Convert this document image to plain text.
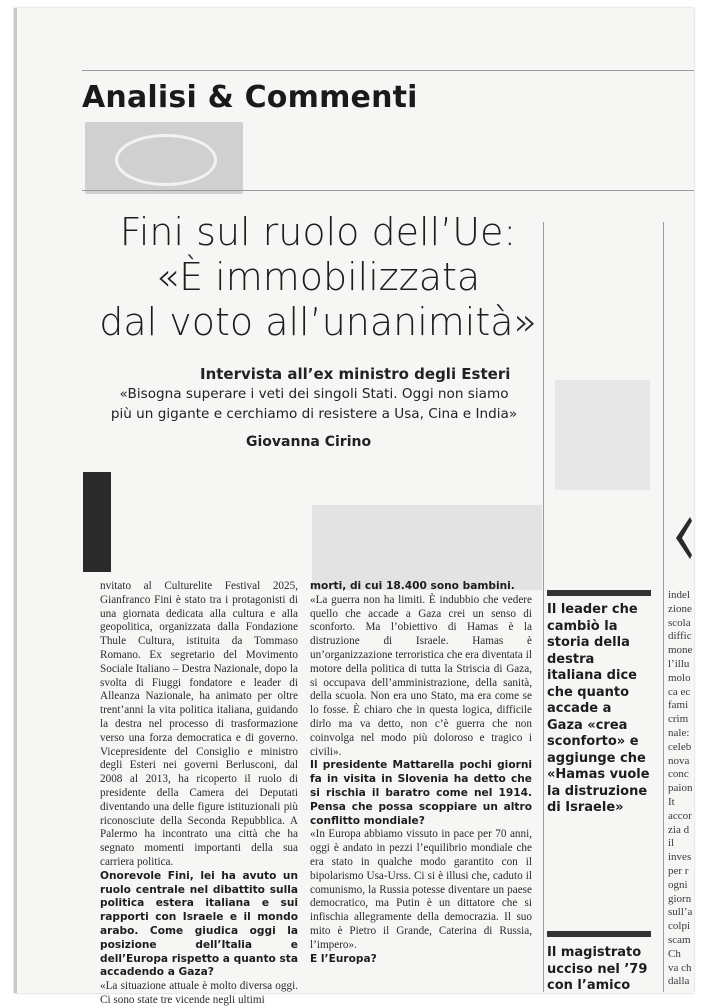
Analisi & Commenti
Fini sul ruolo dell’Ue:
«È immobilizzata
dal voto all’unanimità»
Intervista all’ex ministro degli Esteri
«Bisogna superare i veti dei singoli Stati. Oggi non siamo
più un gigante e cerchiamo di resistere a Usa, Cina e India»
Giovanna Cirino

nvitato al Culturelite Festival 2025, Gianfranco Fini è stato tra i protagonisti di una giornata dedicata alla cultura e alla geopolitica, organizzata dalla Fondazione Thule Cultura, istituita da Tommaso Romano. Ex segretario del Movimento Sociale Italiano – Destra Nazionale, dopo la svolta di Fiuggi fondatore e leader di Alleanza Nazionale, ha animato per oltre trent’anni la vita politica italiana, guidando la destra nel processo di trasformazione verso una forza democratica e di governo. Vicepresidente del Consiglio e ministro degli Esteri nei governi Berlusconi, dal 2008 al 2013, ha ricoperto il ruolo di presidente della Camera dei Deputati diventando una delle figure istituzionali più riconosciute della Seconda Repubblica. A Palermo ha incontrato una città che ha segnato momenti importanti della sua carriera politica.

Onorevole Fini, lei ha avuto un ruolo centrale nel dibattito sulla politica estera italiana e sui rapporti con Israele e il mondo arabo. Come giudica oggi la posizione dell’Italia e dell’Europa rispetto a quanto sta accadendo a Gaza?

«La situazione attuale è molto diversa oggi. Ci sono state tre vicende negli ultimi

morti, di cui 18.400 sono bambini.

«La guerra non ha limiti. È indubbio che vedere quello che accade a Gaza crei un senso di sconforto. Ma l’obiettivo di Hamas è la distruzione di Israele. Hamas è un’organizzazione terroristica che era diventata il motore della politica di tutta la Striscia di Gaza, si occupava dell’amministrazione, della sanità, della scuola. Non era uno Stato, ma era come se lo fosse. È chiaro che in questa logica, difficile dirlo ma va detto, non c’è guerra che non coinvolga nel modo più doloroso e tragico i civili».

Il presidente Mattarella pochi giorni fa in visita in Slovenia ha detto che si rischia il baratro come nel 1914. Pensa che possa scoppiare un altro conflitto mondiale?

«In Europa abbiamo vissuto in pace per 70 anni, oggi è andato in pezzi l’equilibrio mondiale che era stato in qualche modo garantito con il bipolarismo Usa-Urss. Ci si è illusi che, caduto il comunismo, la Russia potesse diventare un paese democratico, ma Putin è un dittatore che si infischia allegramente della democrazia. Il suo mito è Pietro il Grande, Caterina di Russia, l’impero».

E l’Europa?

Il leader che cambiò la storia della destra italiana dice che quanto accade a Gaza «crea sconforto» e aggiunge che «Hamas vuole la distruzione di Israele»
Il magistrato ucciso nel ’79 con l’amico
indel
zione
scola
diffic
mone
l’illu
molo
ca ec
fami
crim
nale:
celeb
nova
conc
paion
It
accor
zia d
il
inves
per r
ogni
giorn
sull’a
colpi
scam
Ch
va ch
dalla
